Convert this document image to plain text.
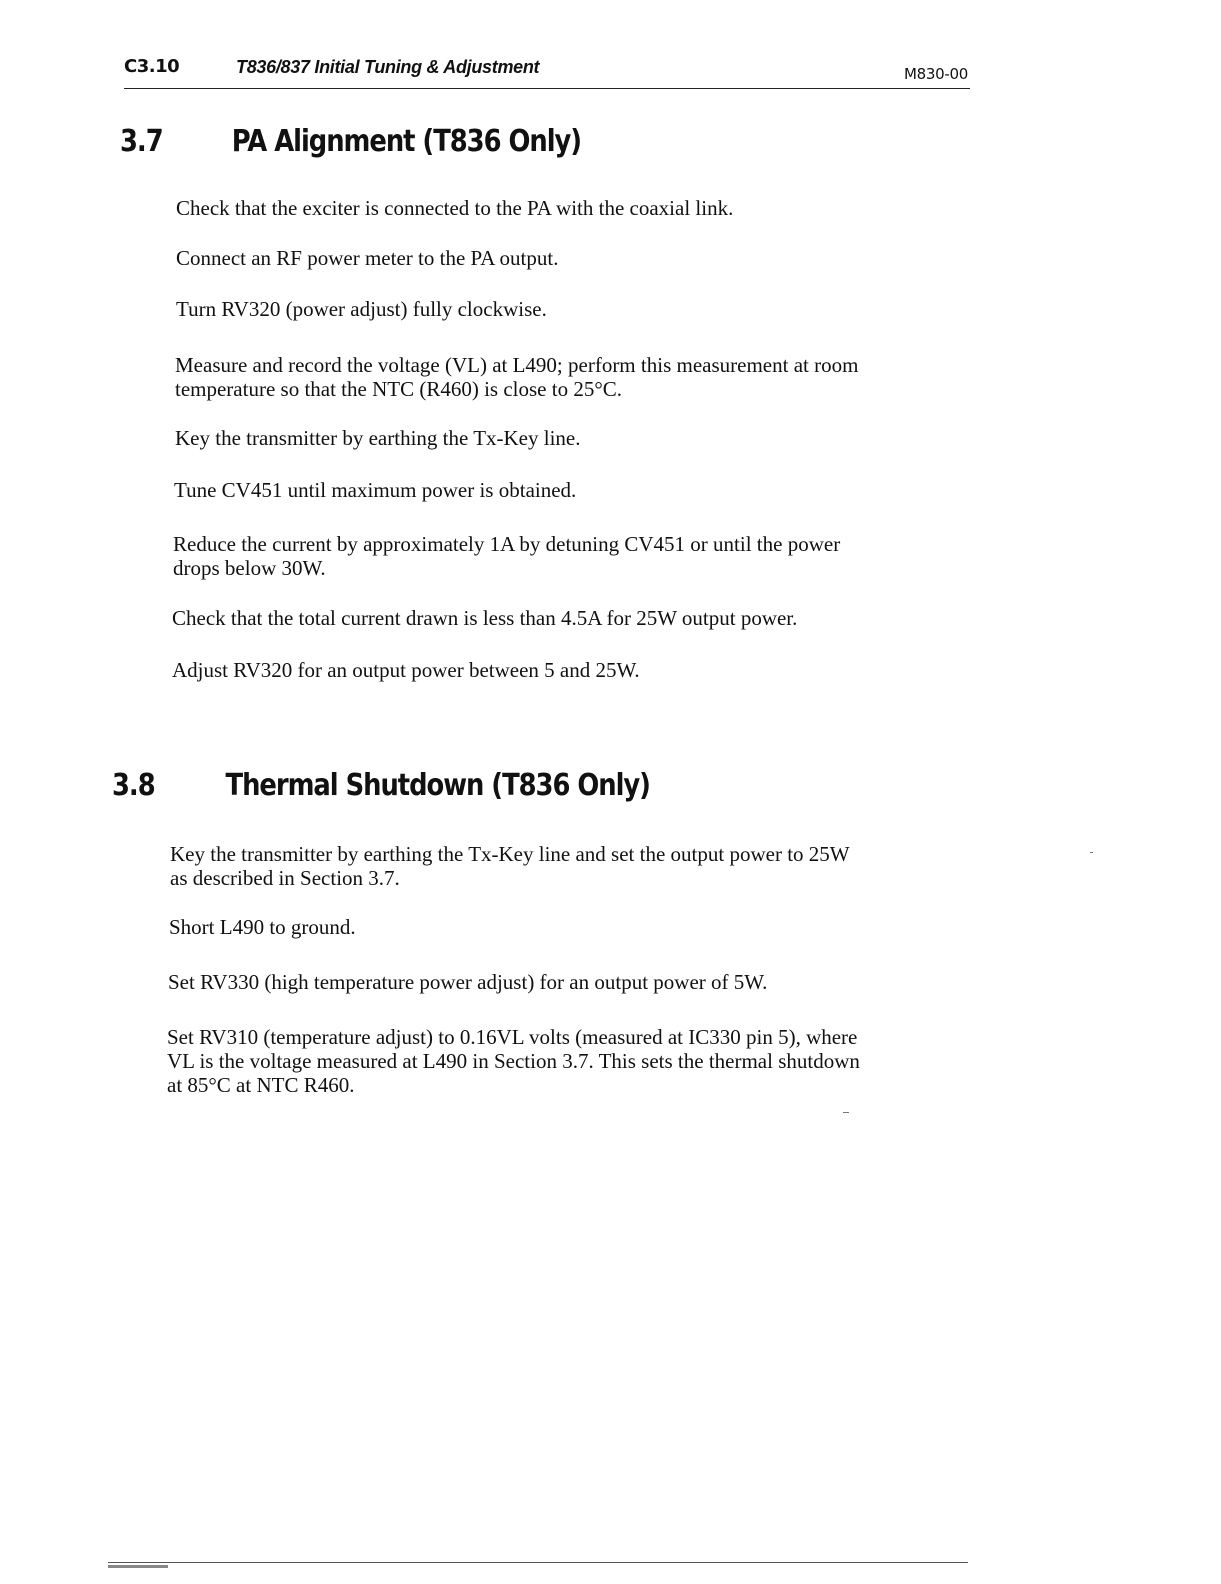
C3.10	T836/837 Initial Tuning & Adjustment	M830-00
3.7 PA Alignment (T836 Only)
Check that the exciter is connected to the PA with the coaxial link.
Connect an RF power meter to the PA output.
Turn RV320 (power adjust) fully clockwise.
Measure and record the voltage (VL) at L490; perform this measurement at room
temperature so that the NTC (R460) is close to 25°C.
Key the transmitter by earthing the Tx-Key line.
Tune CV451 until maximum power is obtained.
Reduce the current by approximately 1A by detuning CV451 or until the power
drops below 30W.
Check that the total current drawn is less than 4.5A for 25W output power.
Adjust RV320 for an output power between 5 and 25W.
3.8 Thermal Shutdown (T836 Only)
Key the transmitter by earthing the Tx-Key line and set the output power to 25W
as described in Section 3.7.
Short L490 to ground.
Set RV330 (high temperature power adjust) for an output power of 5W.
Set RV310 (temperature adjust) to 0.16VL volts (measured at IC330 pin 5), where
VL is the voltage measured at L490 in Section 3.7. This sets the thermal shutdown
at 85°C at NTC R460.
